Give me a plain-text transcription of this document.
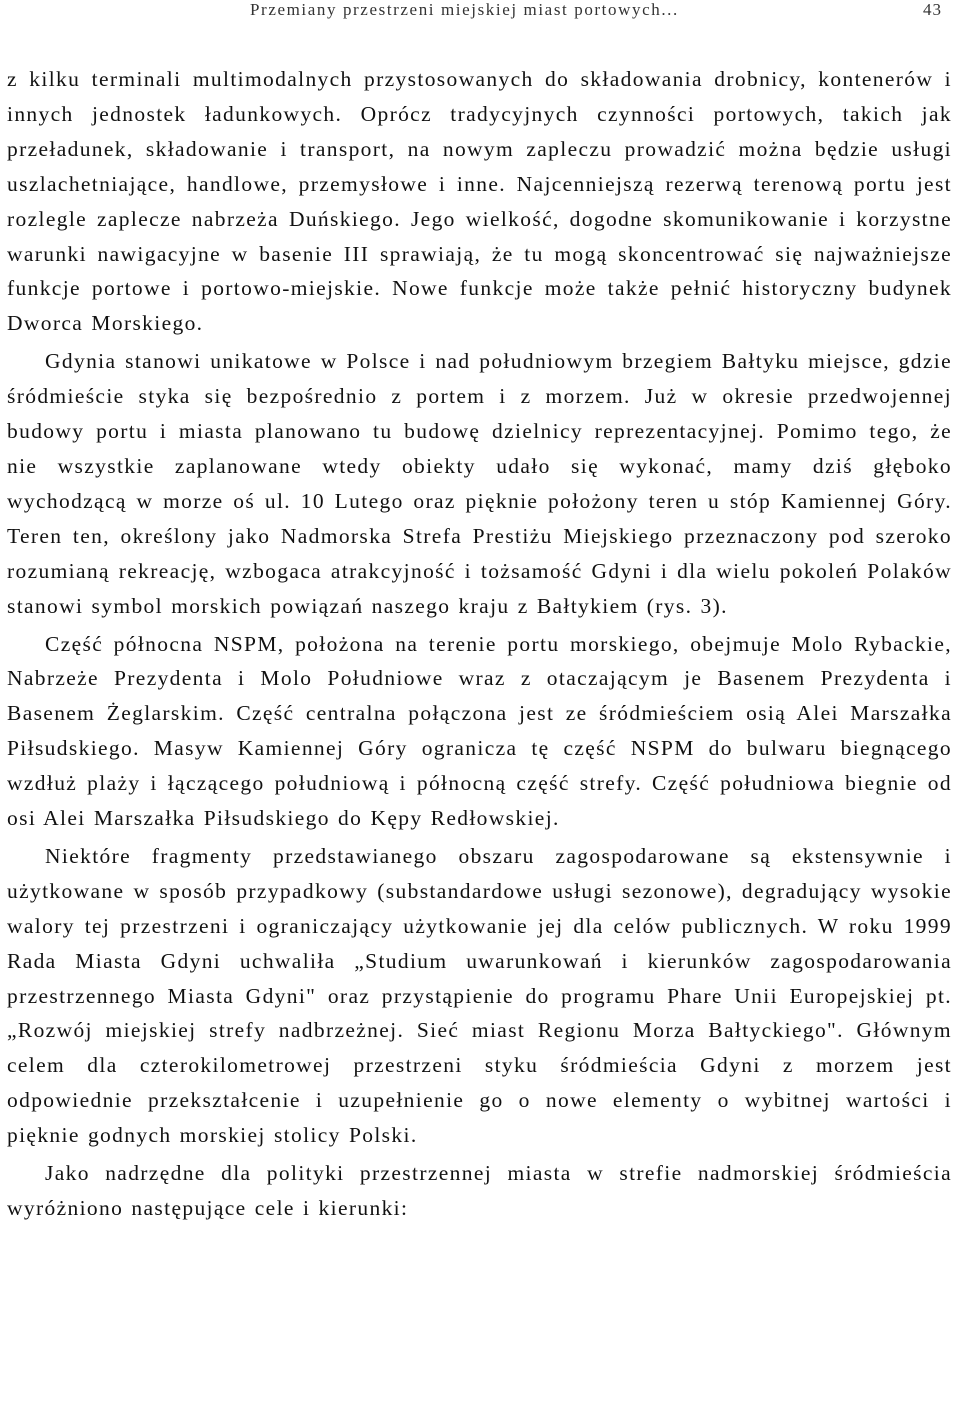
Przemiany przestrzeni miejskiej miast portowych...	43

z kilku terminali multimodalnych przystosowanych do składowania drobnicy, kontenerów i innych jednostek ładunkowych. Oprócz tradycyjnych czynności portowych, takich jak przeładunek, składowanie i transport, na nowym zapleczu prowadzić można będzie usługi uszlachetniające, handlowe, przemysłowe i inne. Najcenniejszą rezerwą terenową portu jest rozlegle zaplecze nabrzeża Duńskiego. Jego wielkość, dogodne skomunikowanie i korzystne warunki nawigacyjne w basenie III sprawiają, że tu mogą skoncentrować się najważniejsze funkcje portowe i portowo-miejskie. Nowe funkcje może także pełnić historyczny budynek Dworca Morskiego.

Gdynia stanowi unikatowe w Polsce i nad południowym brzegiem Bałtyku miejsce, gdzie śródmieście styka się bezpośrednio z portem i z morzem. Już w okresie przedwojennej budowy portu i miasta planowano tu budowę dzielnicy reprezentacyjnej. Pomimo tego, że nie wszystkie zaplanowane wtedy obiekty udało się wykonać, mamy dziś głęboko wychodzącą w morze oś ul. 10 Lutego oraz pięknie położony teren u stóp Kamiennej Góry. Teren ten, określony jako Nadmorska Strefa Prestiżu Miejskiego przeznaczony pod szeroko rozumianą rekreację, wzbogaca atrakcyjność i tożsamość Gdyni i dla wielu pokoleń Polaków stanowi symbol morskich powiązań naszego kraju z Bałtykiem (rys. 3).

Część północna NSPM, położona na terenie portu morskiego, obejmuje Molo Rybackie, Nabrzeże Prezydenta i Molo Południowe wraz z otaczającym je Basenem Prezydenta i Basenem Żeglarskim. Część centralna połączona jest ze śródmieściem osią Alei Marszałka Piłsudskiego. Masyw Kamiennej Góry ogranicza tę część NSPM do bulwaru biegnącego wzdłuż plaży i łączącego południową i północną część strefy. Część południowa biegnie od osi Alei Marszałka Piłsudskiego do Kępy Redłowskiej.

Niektóre fragmenty przedstawianego obszaru zagospodarowane są ekstensywnie i użytkowane w sposób przypadkowy (substandardowe usługi sezonowe), degradujący wysokie walory tej przestrzeni i ograniczający użytkowanie jej dla celów publicznych. W roku 1999 Rada Miasta Gdyni uchwaliła „Studium uwarunkowań i kierunków zagospodarowania przestrzennego Miasta Gdyni" oraz przystąpienie do programu Phare Unii Europejskiej pt. „Rozwój miejskiej strefy nadbrzeżnej. Sieć miast Regionu Morza Bałtyckiego". Głównym celem dla czterokilometrowej przestrzeni styku śródmieścia Gdyni z morzem jest odpowiednie przekształcenie i uzupełnienie go o nowe elementy o wybitnej wartości i pięknie godnych morskiej stolicy Polski.

Jako nadrzędne dla polityki przestrzennej miasta w strefie nadmorskiej śródmieścia wyróżniono następujące cele i kierunki:
